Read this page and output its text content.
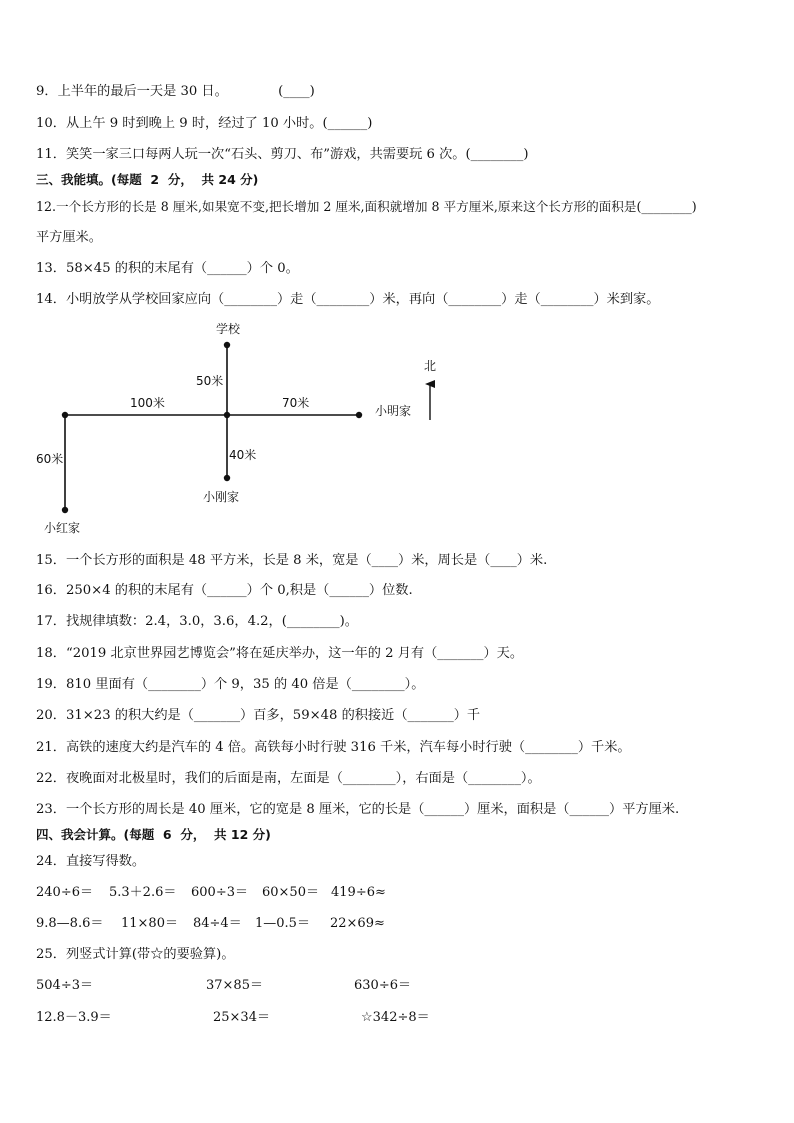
9．上半年的最后一天是 30 日。            (____)
10．从上午 9 时到晚上 9 时，经过了 10 小时。(______)
11．笑笑一家三口每两人玩一次“石头、剪刀、布”游戏，共需要玩 6 次。(________)
三、我能填。(每题  2  分，  共 24 分)
12.一个长方形的长是 8 厘米,如果宽不变,把长增加 2 厘米,面积就增加 8 平方厘米,原来这个长方形的面积是(________)
平方厘米。
13．58×45 的积的末尾有（______）个 0。
14．小明放学从学校回家应向（________）走（________）米，再向（________）走（________）米到家。
学校
北
50米
100米	70米
小明家
40米
60米
小刚家
小红家
15．一个长方形的面积是 48 平方米，长是 8 米，宽是（____）米，周长是（____）米.
16．250×4 的积的末尾有（______）个 0,积是（______）位数.
17．找规律填数：2.4，3.0，3.6，4.2，(________)。
18．“2019 北京世界园艺博览会”将在延庆举办，这一年的 2 月有（_______）天。
19．810 里面有（________）个 9，35 的 40 倍是（________）。
20．31×23 的积大约是（_______）百多，59×48 的积接近（_______）千
21．高铁的速度大约是汽车的 4 倍。高铁每小时行驶 316 千米，汽车每小时行驶（________）千米。
22．夜晚面对北极星时，我们的后面是南，左面是（________），右面是（________）。
23．一个长方形的周长是 40 厘米，它的宽是 8 厘米，它的长是（______）厘米，面积是（______）平方厘米.
四、我会计算。(每题  6  分，  共 12 分)
24．直接写得数。
240÷6＝ 5.3＋2.6＝ 600÷3＝ 60×50＝ 419÷6≈
9.8—8.6＝ 11×80＝ 84÷4＝ 1—0.5＝ 22×69≈
25．列竖式计算(带☆的要验算)。
504÷3＝	37×85＝	630÷6＝
12.8－3.9＝	25×34＝	☆342÷8＝
